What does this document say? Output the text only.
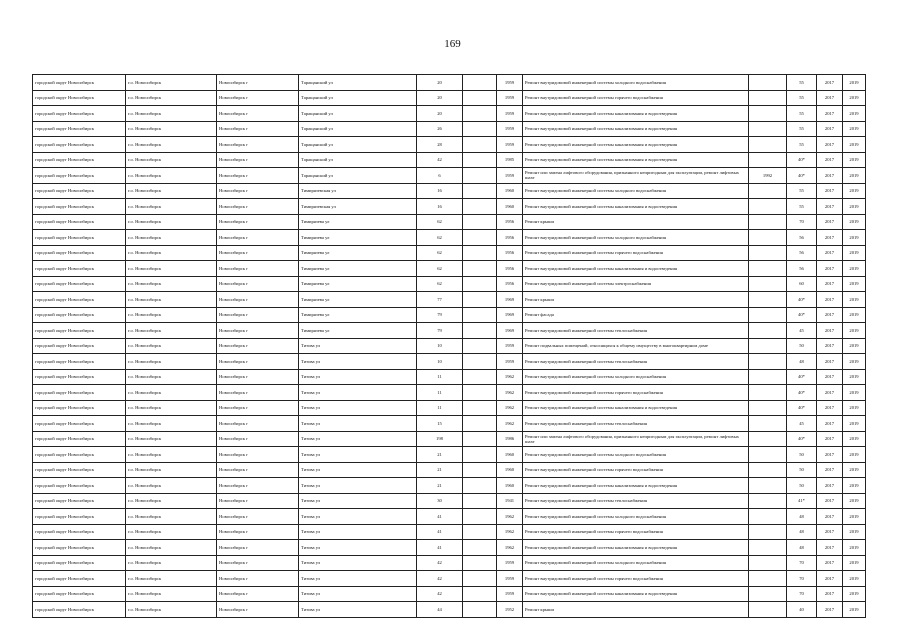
169
городской округ Новосибирск	г.о. Новосибирск	Новосибирск г	Таращанский ул	20		1959	Ремонт внутридомовой инженерной системы холодного водоснабжения		55	2017	2019
городской округ Новосибирск	г.о. Новосибирск	Новосибирск г	Таращанский ул	20		1959	Ремонт внутридомовой инженерной системы горячего водоснабжения		55	2017	2019
городской округ Новосибирск	г.о. Новосибирск	Новосибирск г	Таращанский ул	20		1959	Ремонт внутридомовой инженерной системы канализования и водоотведения		55	2017	2019
городской округ Новосибирск	г.о. Новосибирск	Новосибирск г	Таращанский ул	26		1959	Ремонт внутридомовой инженерной системы канализования и водоотведения		55	2017	2019
городской округ Новосибирск	г.о. Новосибирск	Новосибирск г	Таращанский ул	28		1959	Ремонт внутридомовой инженерной системы канализования и водоотведения		55	2017	2019
городской округ Новосибирск	г.о. Новосибирск	Новосибирск г	Таращанский ул	42		1985	Ремонт внутридомовой инженерной системы канализования и водоотведения		40*	2017	2019
городской округ Новосибирск	г.о. Новосибирск	Новосибирск г	Таращанский ул	6		1959	Ремонт или замена лифтового оборудования, признанного непригодным для эксплуатации, ремонт лифтовых шахт	1992	40*	2017	2019
городской округ Новосибирск	г.о. Новосибирск	Новосибирск г	Тимирязевская ул	16		1960	Ремонт внутридомовой инженерной системы холодного водоснабжения		55	2017	2019
городской округ Новосибирск	г.о. Новосибирск	Новосибирск г	Тимирязевская ул	16		1960	Ремонт внутридомовой инженерной системы канализования и водоотведения		55	2017	2019
городской округ Новосибирск	г.о. Новосибирск	Новосибирск г	Тимирязева ул	62		1956	Ремонт крыши		70	2017	2019
городской округ Новосибирск	г.о. Новосибирск	Новосибирск г	Тимирязева ул	62		1956	Ремонт внутридомовой инженерной системы холодного водоснабжения		56	2017	2019
городской округ Новосибирск	г.о. Новосибирск	Новосибирск г	Тимирязева ул	62		1956	Ремонт внутридомовой инженерной системы горячего водоснабжения		56	2017	2019
городской округ Новосибирск	г.о. Новосибирск	Новосибирск г	Тимирязева ул	62		1956	Ремонт внутридомовой инженерной системы канализования и водоотведения		56	2017	2019
городской округ Новосибирск	г.о. Новосибирск	Новосибирск г	Тимирязева ул	62		1956	Ремонт внутридомовой инженерной системы электроснабжения		60	2017	2019
городской округ Новосибирск	г.о. Новосибирск	Новосибирск г	Тимирязева ул	77		1969	Ремонт крыши		40*	2017	2019
городской округ Новосибирск	г.о. Новосибирск	Новосибирск г	Тимирязева ул	79		1969	Ремонт фасада		40*	2017	2019
городской округ Новосибирск	г.о. Новосибирск	Новосибирск г	Тимирязева ул	79		1969	Ремонт внутридомовой инженерной системы теплоснабжения		45	2017	2019
городской округ Новосибирск	г.о. Новосибирск	Новосибирск г	Титова ул	10		1959	Ремонт подвальных помещений, относящихся к общему имуществу в многоквартирном доме		50	2017	2019
городской округ Новосибирск	г.о. Новосибирск	Новосибирск г	Титова ул	10		1959	Ремонт внутридомовой инженерной системы теплоснабжения		48	2017	2019
городской округ Новосибирск	г.о. Новосибирск	Новосибирск г	Титова ул	11		1962	Ремонт внутридомовой инженерной системы холодного водоснабжения		40*	2017	2019
городской округ Новосибирск	г.о. Новосибирск	Новосибирск г	Титова ул	11		1962	Ремонт внутридомовой инженерной системы горячего водоснабжения		40*	2017	2019
городской округ Новосибирск	г.о. Новосибирск	Новосибирск г	Титова ул	11		1962	Ремонт внутридомовой инженерной системы канализования и водоотведения		40*	2017	2019
городской округ Новосибирск	г.о. Новосибирск	Новосибирск г	Титова ул	15		1962	Ремонт внутридомовой инженерной системы теплоснабжения		45	2017	2019
городской округ Новосибирск	г.о. Новосибирск	Новосибирск г	Титова ул	198		1986	Ремонт или замена лифтового оборудования, признанного непригодным для эксплуатации, ремонт лифтовых шахт		40*	2017	2019
городской округ Новосибирск	г.о. Новосибирск	Новосибирск г	Титова ул	21		1960	Ремонт внутридомовой инженерной системы холодного водоснабжения		50	2017	2019
городской округ Новосибирск	г.о. Новосибирск	Новосибирск г	Титова ул	21		1960	Ремонт внутридомовой инженерной системы горячего водоснабжения		50	2017	2019
городской округ Новосибирск	г.о. Новосибирск	Новосибирск г	Титова ул	21		1960	Ремонт внутридомовой инженерной системы канализования и водоотведения		50	2017	2019
городской округ Новосибирск	г.о. Новосибирск	Новосибирск г	Титова ул	30		1941	Ремонт внутридомовой инженерной системы теплоснабжения		41*	2017	2019
городской округ Новосибирск	г.о. Новосибирск	Новосибирск г	Титова ул	41		1962	Ремонт внутридомовой инженерной системы холодного водоснабжения		48	2017	2019
городской округ Новосибирск	г.о. Новосибирск	Новосибирск г	Титова ул	41		1962	Ремонт внутридомовой инженерной системы горячего водоснабжения		48	2017	2019
городской округ Новосибирск	г.о. Новосибирск	Новосибирск г	Титова ул	41		1962	Ремонт внутридомовой инженерной системы канализования и водоотведения		48	2017	2019
городской округ Новосибирск	г.о. Новосибирск	Новосибирск г	Титова ул	42		1959	Ремонт внутридомовой инженерной системы холодного водоснабжения		70	2017	2019
городской округ Новосибирск	г.о. Новосибирск	Новосибирск г	Титова ул	42		1959	Ремонт внутридомовой инженерной системы горячего водоснабжения		70	2017	2019
городской округ Новосибирск	г.о. Новосибирск	Новосибирск г	Титова ул	42		1959	Ремонт внутридомовой инженерной системы канализования и водоотведения		70	2017	2019
городской округ Новосибирск	г.о. Новосибирск	Новосибирск г	Титова ул	44		1952	Ремонт крыши		40	2017	2019
